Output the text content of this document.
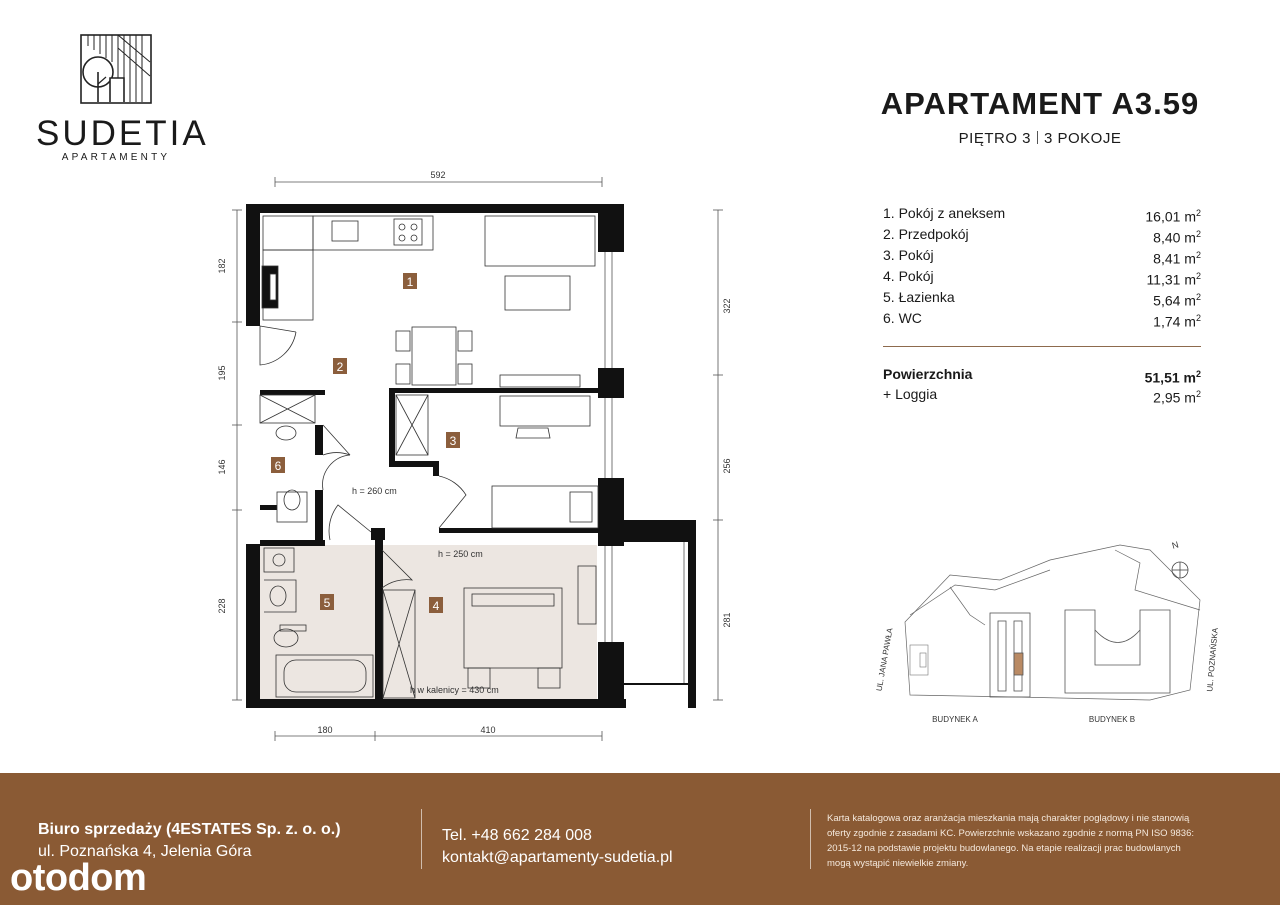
SUDETIA
APARTAMENTY
APARTAMENT A3.59
PIĘTRO 3 3 POKOJE
1. Pokój z aneksem	16,01 $m^2$
2. Przedpokój	8,40 $m^2$
3. Pokój	8,41 $m^2$
4. Pokój	11,31 $m^2$
5. Łazienka	5,64 $m^2$
6. WC	1,74 $m^2$
Powierzchnia	51,51 $m^2$
+ Loggia	2,95 $m^2$
592
182
195
146
228
322
256
281
180	410
h = 260 cm
h = 250 cm
h w kalenicy = 430 cm
1
2
3
4
5
6
N
UL. JANA PAWŁA	UL. POZNAŃSKA
BUDYNEK A	BUDYNEK B
Biuro sprzedaży (4ESTATES Sp. z. o. o.)
ul. Poznańska 4, Jelenia Góra
Tel. +48 662 284 008
kontakt@apartamenty-sudetia.pl
Karta katalogowa oraz aranżacja mieszkania mają charakter poglądowy i nie stanowią oferty zgodnie z zasadami KC. Powierzchnie wskazano zgodnie z normą PN ISO 9836: 2015-12 na podstawie projektu budowlanego. Na etapie realizacji prac budowlanych mogą wystąpić niewielkie zmiany.
otodom
